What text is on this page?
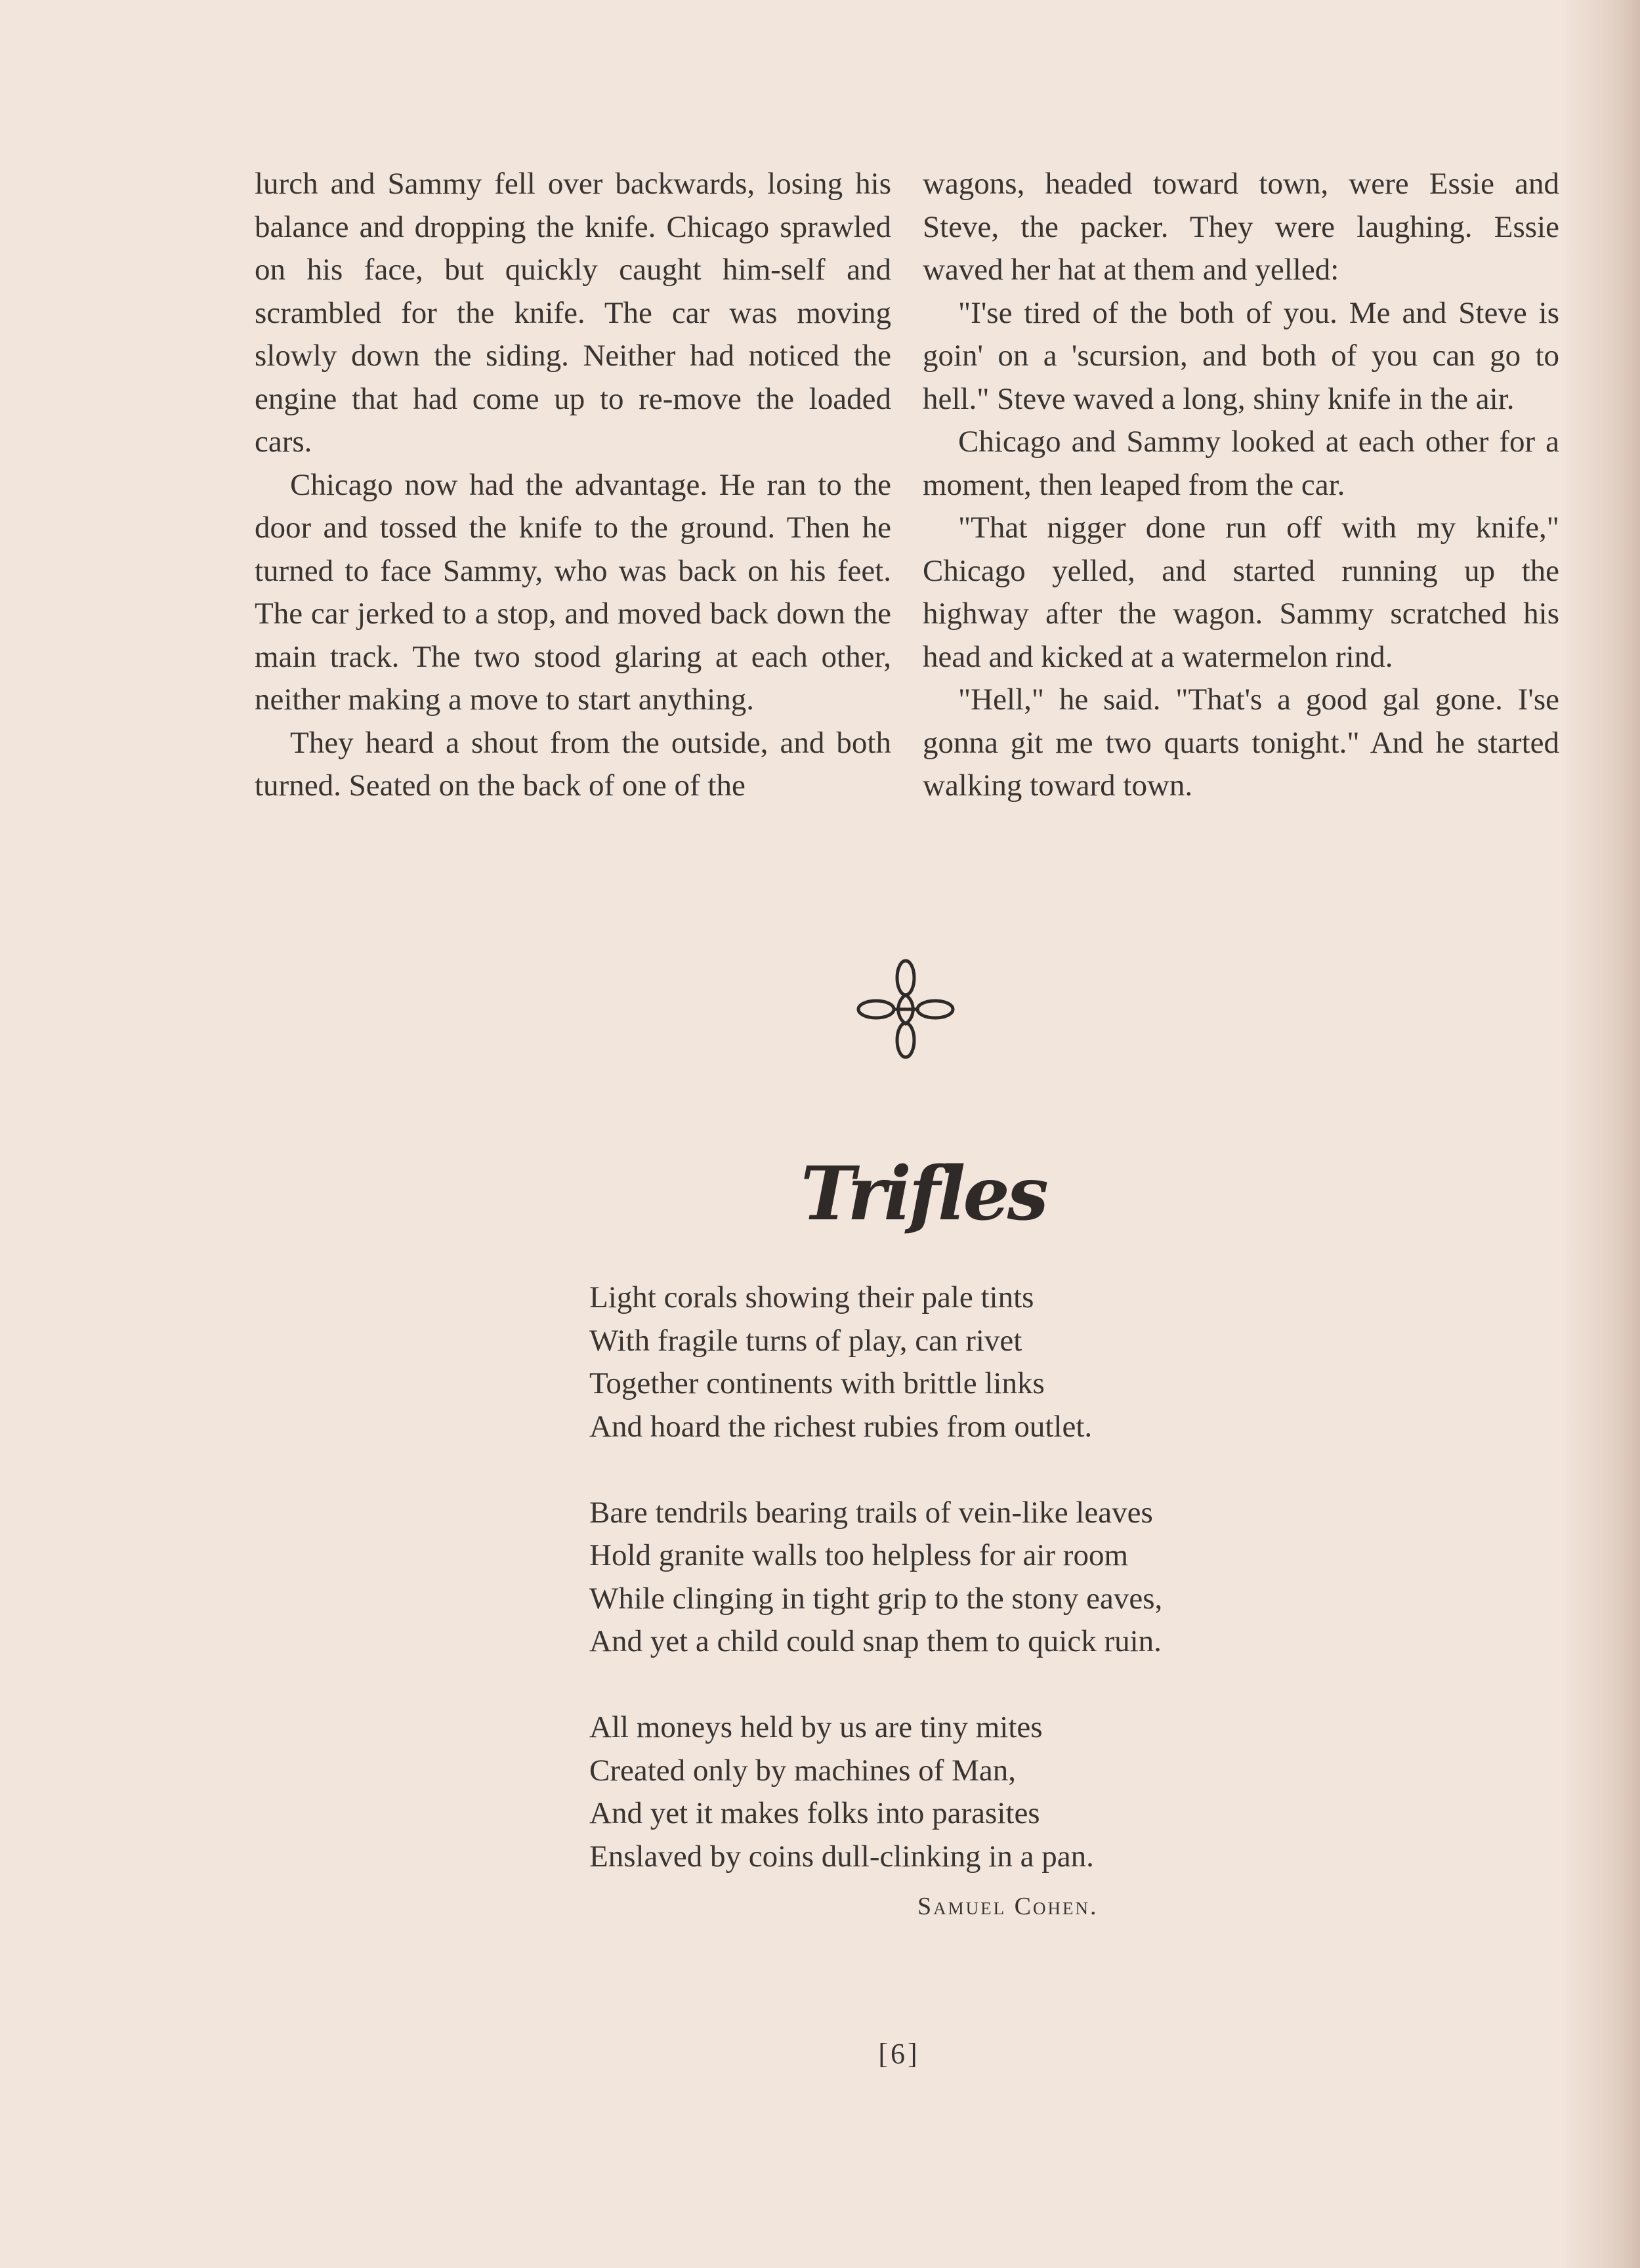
lurch and Sammy fell over backwards, losing his balance and dropping the knife. Chicago sprawled on his face, but quickly caught him-self and scrambled for the knife. The car was moving slowly down the siding. Neither had noticed the engine that had come up to re-move the loaded cars.

Chicago now had the advantage. He ran to the door and tossed the knife to the ground. Then he turned to face Sammy, who was back on his feet. The car jerked to a stop, and moved back down the main track. The two stood glaring at each other, neither making a move to start anything.

They heard a shout from the outside, and both turned. Seated on the back of one of the

wagons, headed toward town, were Essie and Steve, the packer. They were laughing. Essie waved her hat at them and yelled:

"I'se tired of the both of you. Me and Steve is goin' on a 'scursion, and both of you can go to hell." Steve waved a long, shiny knife in the air.

Chicago and Sammy looked at each other for a moment, then leaped from the car.

"That nigger done run off with my knife," Chicago yelled, and started running up the highway after the wagon. Sammy scratched his head and kicked at a watermelon rind.

"Hell," he said. "That's a good gal gone. I'se gonna git me two quarts tonight." And he started walking toward town.

Trifles
Light corals showing their pale tints
With fragile turns of play, can rivet
Together continents with brittle links
And hoard the richest rubies from outlet.
Bare tendrils bearing trails of vein-like leaves
Hold granite walls too helpless for air room
While clinging in tight grip to the stony eaves,
And yet a child could snap them to quick ruin.
All moneys held by us are tiny mites
Created only by machines of Man,
And yet it makes folks into parasites
Enslaved by coins dull-clinking in a pan.
Samuel Cohen.
[6]
